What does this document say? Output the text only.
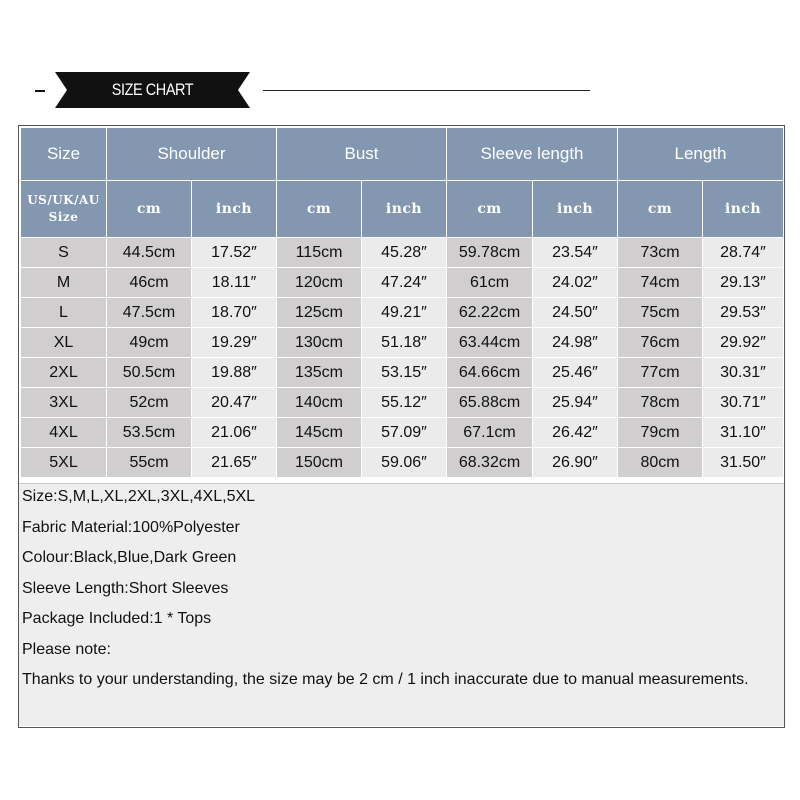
SIZE CHART
Size	Shoulder		Bust		Sleeve length		Length	
US/UK/AU
Size	cm	inch	cm	inch	cm	inch	cm	inch
S	44.5cm	17.52″	115cm	45.28″	59.78cm	23.54″	73cm	28.74″
M	46cm	18.11″	120cm	47.24″	61cm	24.02″	74cm	29.13″
L	47.5cm	18.70″	125cm	49.21″	62.22cm	24.50″	75cm	29.53″
XL	49cm	19.29″	130cm	51.18″	63.44cm	24.98″	76cm	29.92″
2XL	50.5cm	19.88″	135cm	53.15″	64.66cm	25.46″	77cm	30.31″
3XL	52cm	20.47″	140cm	55.12″	65.88cm	25.94″	78cm	30.71″
4XL	53.5cm	21.06″	145cm	57.09″	67.1cm	26.42″	79cm	31.10″
5XL	55cm	21.65″	150cm	59.06″	68.32cm	26.90″	80cm	31.50″
Size:S,M,L,XL,2XL,3XL,4XL,5XL
Fabric Material:100%Polyester
Colour:Black,Blue,Dark Green
Sleeve Length:Short Sleeves
Package Included:1 * Tops
Please note:
Thanks to your understanding, the size may be 2 cm / 1 inch inaccurate due to manual measurements.
